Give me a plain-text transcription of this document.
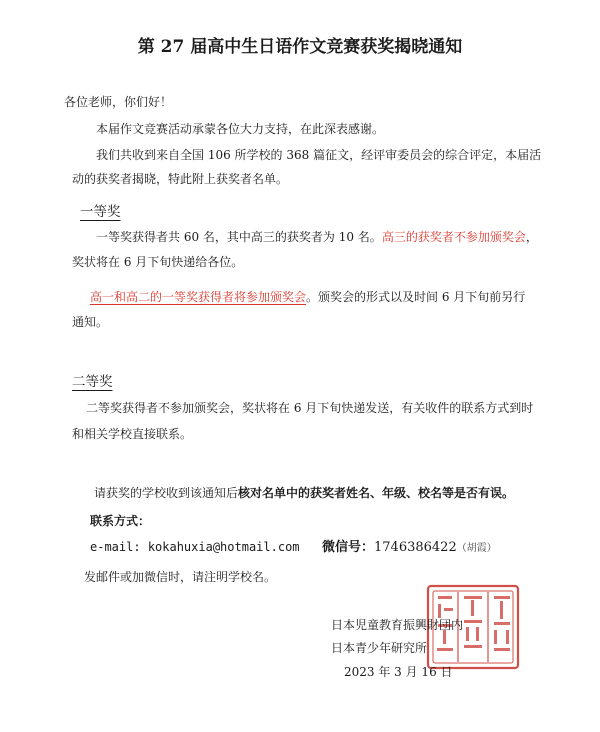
第 27 届高中生日语作文竞赛获奖揭晓通知
各位老师，你们好！
本届作文竞赛活动承蒙各位大力支持，在此深表感谢。
我们共收到来自全国 106 所学校的 368 篇征文，经评审委员会的综合评定，本届活
动的获奖者揭晓，特此附上获奖者名单。
一等奖
一等奖获得者共 60 名，其中高三的获奖者为 10 名。高三的获奖者不参加颁奖会，
奖状将在 6 月下旬快递给各位。
高一和高二的一等奖获得者将参加颁奖会。颁奖会的形式以及时间 6 月下旬前另行
通知。
二等奖
二等奖获得者不参加颁奖会，奖状将在 6 月下旬快递发送，有关收件的联系方式到时
和相关学校直接联系。
请获奖的学校收到该通知后核对名单中的获奖者姓名、年级、校名等是否有误。
联系方式：
e-mail: kokahuxia@hotmail.com 微信号：1746386422（胡霞）
发邮件或加微信时，请注明学校名。
日本児童教育振興財団内
日本青少年研究所
2023 年 3 月 16 日
